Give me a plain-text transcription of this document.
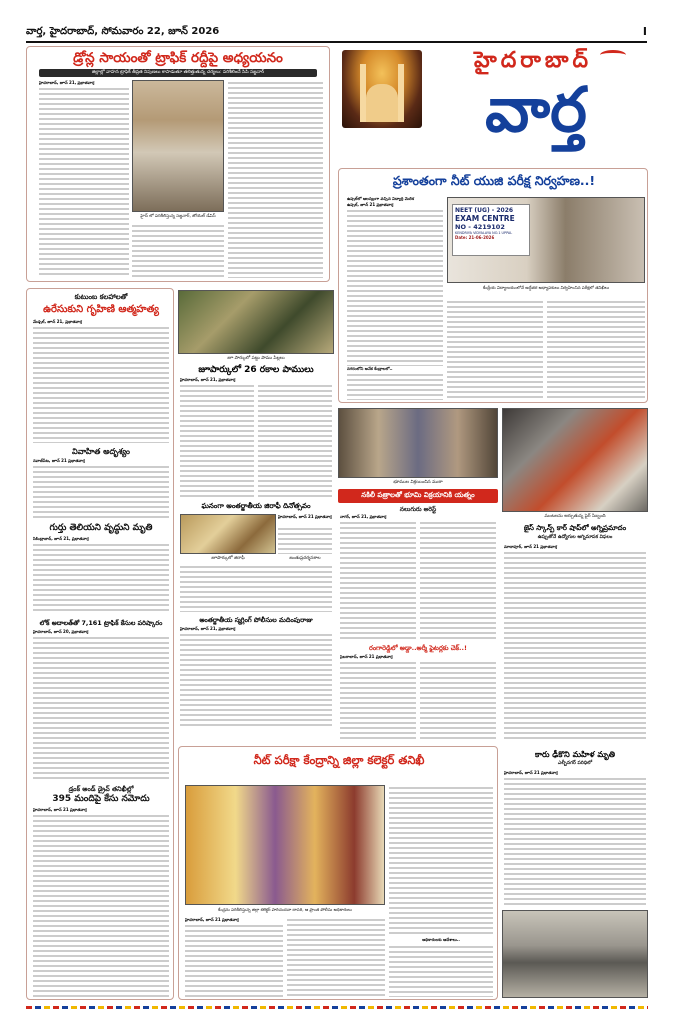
వార్త, హైదరాబాద్, సోమవారం 22, జూన్ 2026	I
డ్రోన్ల సాయంతో ట్రాఫిక్ రద్దీపై అధ్యయనం
జిల్లాల్లో వాహన ట్రాఫిక్ తీవ్రత నిపుణలు కాపాడుతూ తలెత్తుతున్న చర్యలు: పరిశీలించే సిపి సజ్జనార్
హైదరాబాద్, జూన్ 21, ప్రభాతవార్త
హైద్ లో పరిశీలిస్తున్న సజ్జనార్, జోయెల్ డేవిస్
హైదరాబాద్
వార్త
ప్రశాంతంగా నీట్ యుజి పరీక్ష నిర్వహణ..!
ఉప్పల్‌లో ఆలస్యంగా వచ్చిన విద్యార్ధి మెలిక
ఉప్పల్, జూన్ 21 ప్రభాతవార్త
నగరంలోని అనేక కేంద్రాలలో..
NEET (UG) - 2026
EXAM CENTRE
NO - 4219102
KENDRIYA VIDYALAYA NO.1 UPPAL
Date: 21-06-2026
కేంద్రీయ విద్యాలయంలోనే అద్దేతర అధ్యాపకులు నిర్వహించిన పరీక్షలో తనిఖీలు
కుటుంబ కలహాలతో
ఉరేసుకుని గృహిణి ఆత్మహత్య
మేడ్చల్, జూన్ 21, ప్రభాతవార్త
వివాహిత అదృశ్యం
నవాబ్‌పేట, జూన్ 21 ప్రభాతవార్త
గుర్తు తెలియని వృద్ధుని మృతి
సికింద్రాబాద్, జూన్ 21, ప్రభాతవార్త
లోక్ అదాలత్‌తో 7,161 ట్రాఫిక్ కేసుల పరిష్కారం
హైదరాబాద్, జూన్ 20, ప్రభాతవార్త
డ్రంక్ అండ్ డ్రైవ్ తనిఖీల్లో
395 మందిపై కేసు నమోదు
హైదరాబాద్, జూన్ 21 ప్రభాతవార్త
జూ పార్కులో పట్టు పాము పిల్లలు
జూపార్కులో 26 రకాల పాములు
హైదరాబాద్, జూన్ 21, ప్రభాతవార్త
ఘనంగా అంతర్జాతీయ జిరాఫీ దినోత్సవం
హైదరాబాద్, జూన్ 21 ప్రభాతవార్త
జూపార్కులో జిరాఫీ	జంతుప్రదర్శనశాల
అంతర్జాతీయ స్మగ్లింగ్ పోలీసుల మదింపురాజు
హైదరాబాద్, జూన్ 21, ప్రభాతవార్త
భూముల విక్రయించిన ముఠా
నకిలీ పత్రాలతో భూమి విక్రయానికి యత్నం
నలుగురు అరెస్ట్
నాగర్, జూన్ 21, ప్రభాతవార్త
రంగారెడ్డిలో అడ్డా..అర్మీ ఫైటర్లకు చెక్..!
సైబరాబాద్, జూన్ 21 ప్రభాతవార్త
మంటలను ఆర్పుతున్న ఫైర్ సిబ్బంది
జైస్ స్కాన్ప్ కార్ షాప్‌లో అగ్నిప్రమాదం
ఉప్పుతోనే ఉద్యోగుల అగ్నిమాపక విఫలం
మాదాపూర్, జూన్ 21 ప్రభాతవార్త
నీట్ పరీక్షా కేంద్రాన్ని జిల్లా కలెక్టర్ తనిఖీ
కేంద్రను పరిశీలిస్తున్న జిల్లా కలెక్టర్ హరిచందనా దాసరి, ఆ ప్రాంత పోలీసు అధికారులు
హైదరాబాద్, జూన్ 21 ప్రభాతవార్త
అధికారులకు ఆదేశాలు..
కారు ఢీకొని మహిళ మృతి
ఎల్బీనగర్ పరిధిలో
హైదరాబాద్, జూన్ 21 ప్రభాతవార్త
